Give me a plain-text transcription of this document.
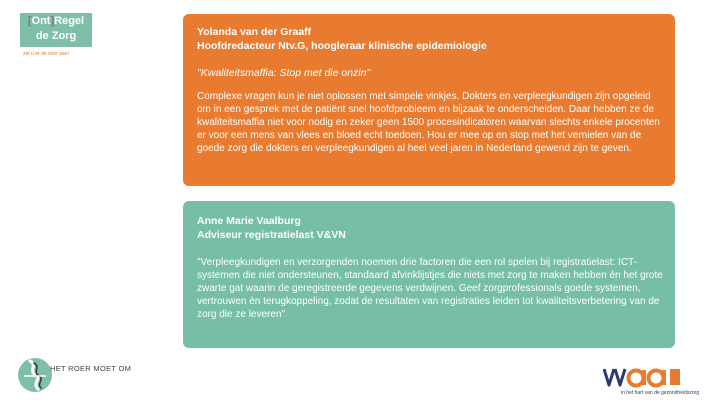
[Ont]Regel
de Zorg
zet u er de voor aan!
Yolanda van der Graaff
Hoofdredacteur Ntv.G, hoogleraar klinische epidemiologie
"Kwaliteitsmaffia: Stop met die onzin"
Complexe vragen kun je niet oplossen met simpele vinkjes. Dokters en verpleegkundigen zijn opgeleid om in een gesprek met de patiënt snel hoofdprobleem en bijzaak te onderscheiden. Daar hebben ze de kwaliteitsmaffia niet voor nodig en zeker geen 1500 procesindicatoren waarvan slechts enkele procenten er voor een mens van vlees en bloed echt toedoen. Hou er mee op en stop met het vernielen van de goede zorg die dokters en verpleegkundigen al heel veel jaren in Nederland gewend zijn te geven.
Anne Marie Vaalburg
Adviseur registratielast V&VN
"Verpleegkundigen en verzorgenden noemen drie factoren die een rol spelen bij registratielast: ICT-systemen die niet ondersteunen, standaard afvinklijstjes die niets met zorg te maken hebben én het grote zwarte gat waarin de geregistreerde gegevens verdwijnen. Geef zorgprofessionals goede systemen, vertrouwen èn terugkoppeling, zodat de resultaten van registraties leiden tot kwaliteitsverbetering van de zorg die ze leveren"
HET ROER MOET OM
in het hart van de gezondheidszorg
